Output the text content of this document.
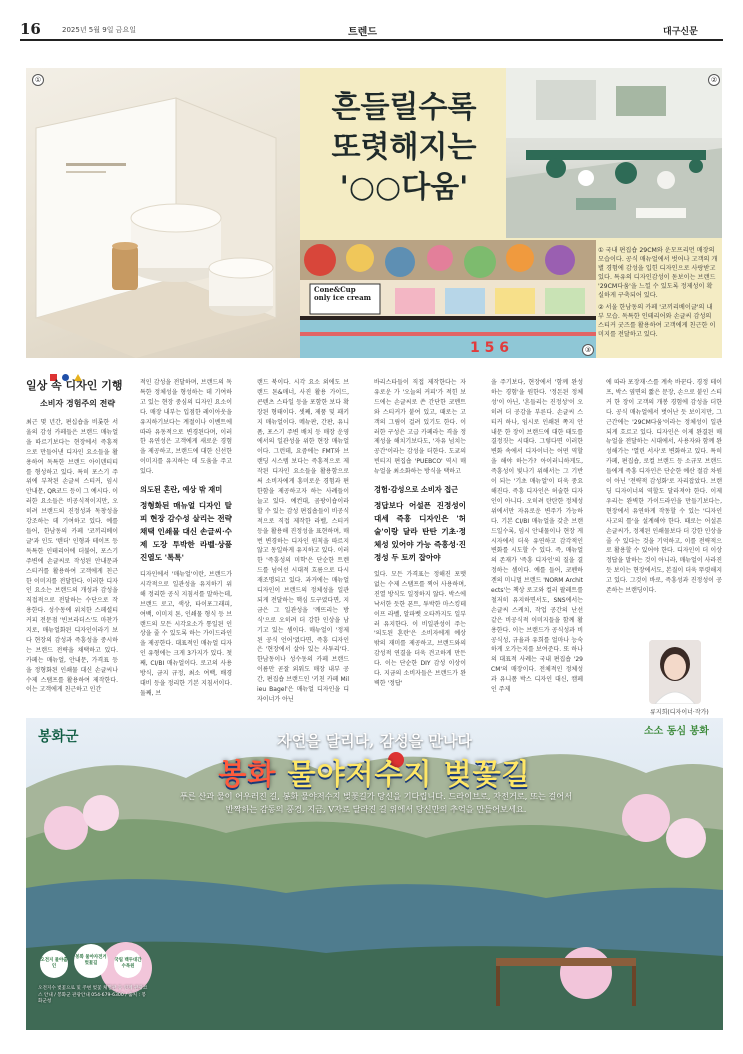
16	2025년 5월 9일 금요일	트렌드	대구신문
①
흔들릴수록
또렷해지는
'○○다움'
②
1 5 6
Cone&Cup only ice cream
③

① 국내 편집숍 29CM와 운모프리먼 매장의 모습이다. 공식 매뉴얼에서 벗어나 고객의 개별 경험에 감성을 입힌 디자인으로 사랑받고 있다. 특유의 디자인감성이 돋보이는 브랜드 '29CM다움'을 느낄 수 있도록 정제성이 확실하게 구축되어 있다.

② 서울 한남동의 카페 '코끼리베이글'의 내부 모습. 독특한 인테리어와 손글씨 감성의 스티커 굿즈를 활용하여 고객에게 친근한 이미지를 전달하고 있다.

일상 속 디자인 기행
소비자 경험주의 전략

최근 몇 년간, 편십숍을 비롯한 서울의 감성 카페들은 브랜드 매뉴얼을 따르기보다는 현장에서 즉흥적으로 만들어낸 디자인 요소들을 활용하여 독특한 브랜드 아이덴티티를 형성하고 있다. 특히 포스기 주위에 부착된 손글씨 스티커, 임시 안내문, QR코드 등이 그 예시다. 이러한 요소들은 비공식적이지만, 오히려 브랜드의 진정성과 독창성을 강조하는 데 기여하고 있다. 예를 들어, 한남동의 카페 '코끼리베이글'과 인도 '텐더' 인형과 테이프 등 독특한 인테리어에 더불어, 포스기 주변에 손글씨로 작성된 안내문과 스티커를 활용하여 고객에게 친근한 이미지를 전달한다. 이러한 디자인 요소는 브랜드의 개성과 감성을 직접적으로 전달하는 수단으로 작용한다. 성수동에 위치한 스페셜티 커피 전문점 '빈브라더스'도 마찬가지로, 매뉴얼화된 디자인이라기 보다 현장의 감성과 즉흥성을 중시하는 브랜드 전략을 채택하고 있다. 카페는 매뉴얼, 안내문, 가격표 등을 정형화된 인쇄물 대신 손글씨나 수제 스탬프를 활용하여 제작한다. 이는 고객에게 친근하고 인간

적인 감성을 전달하며, 브랜드의 독특한 정체성을 형성하는 데 기여하고 있는 현장 중심의 디자인 요소이다. 매장 내부는 입점한 레이아웃을 유지하기보다는 계절이나 이벤트에 따라 유동적으로 변경된다며, 이러한 유연성은 고객에게 새로운 경험을 제공하고, 브랜드에 대한 신선한 이미지를 유지하는 데 도움을 주고 있다.

의도된 혼란, 예상 밖 재미

정형화된 매뉴얼 디자인 탈피 현장 감수성 살리는 전략 채택 인쇄물 대신 손글씨·수제 도장 투박한 라벨·상품 진열도 '톡톡'

디자인에서 '매뉴얼'이란, 브랜드가 시각적으로 일관성을 유지하기 위해 정리한 공식 지침서를 말하는데, 브랜드 로고, 색상, 타이포그래피, 여백, 이미지 톤, 인쇄물 형식 등 브랜드의 모든 시각요소가 통일된 인상을 줄 수 있도록 하는 가이드라인을 제공한다. 대표적인 매뉴얼 디자인 유형에는 크게 3가지가 있다. 첫째, CI/BI 매뉴얼이다. 로고의 사용 방식, 금지 규정, 최소 여백, 배경 대비 등을 정리한 기본 지침서이다. 둘째, 브

랜드 북이다. 시각 요소 외에도 브랜드 톤&매너, 사진 활용 가이드, 콘텐츠 스타일 등을 포함한 보다 확장된 형태이다. 셋째, 제품 및 패키지 매뉴얼이다. 메뉴판, 간판, 유니폼, 포스기 주변 배치 등 매장 운영에서의 일관성을 위한 현장 매뉴얼이다. 그런데, 요즘에는 FMT와 브랜딩 시스템 보다는 즉흥적으로 제작된 디자인 요소들을 활용함으로써 소비자에게 흥미로운 경험과 편한함을 제공하고자 하는 사례들이 늘고 있다. 예컨대, 곰팡이숍이라 할 수 있는 감성 편집숍들이 비공식적으로 직접 제작한 라벨, 스티커 등을 활용해 진정성을 표현하며, 매번 변경하는 디자인 원칙을 따르지 않고 동일하게 유지하고 있다. 이러한 '즉흥성의 미학'은 단순한 트렌드를 넘어선 시대적 흐름으로 다시 재조명되고 있다. 과거에는 매뉴얼 디자인이 브랜드의 정체성을 일관되게 전달하는 핵심 도구였다면, 지금은 그 일관성을 '깨뜨리는 방식'으로 오히려 더 강한 인상을 남기고 있는 셈이다. 매뉴얼이 '정제된 공식 언어'였다면, 즉흥 디자인은 '현장에서 살아 있는 사투리'다. 한남동이나 성수동의 카페 브랜드 이름만 곧잘 외워도 매장 내부 공간, 편집숍 브랜드인 '키친 카페 Milieu Bagel'은 매뉴얼 디자인을 디자이너가 아닌

바리스타들이 직접 제작한다는 자유로운 가 '오늘의 커피'가 적힌 보드에는 손글씨로 쓴 간단한 코멘트와 스티커가 붙여 있고, 때로는 고객의 그림이 걸려 있기도 한다. 이러한 구성은 고급 카페라는 격을 정제성을 해치기보다도, '자유 넘치는 공간'이라는 감성을 더한다. 도쿄의 빈티지 편집숍 'PUEBCO' 역시 매뉴얼을 최소화하는 방식을 택하고

경험·감성으로 소비자 접근

정답보다 어설픈 진정성이 대세 즉흥 디자인은 '허술'이랑 달라 탄탄 기초·정체성 있어야 가능 즉흥성·진정성 두 토끼 잡아야

있다. 모든 가격표는 정해진 포맷 없는 수제 스탬프를 찍어 사용하며, 진열 방식도 일정하지 않다. 박스에 낙서한 듯한 폰트, 투박한 마스킹테이프 라벨, 알파벳 오타까지도 일부러 유지한다. 이 비일관성이 주는 '의도된 혼란'은 소비자에게 예상 밖의 재미를 제공하고, 브랜드와의 감성적 연결을 더욱 견고하게 만든다. 이는 단순한 DIY 감성 이상이다. 지금의 소비자들은 브랜드가 완벽한 '정답'

을 주기보다, 현장에서 '함께 완성하는 경험'을 원한다. '정돈된 정체성'이 아닌, '흔들리는 진정성'이 오히려 더 공감을 부른다. 손글씨 스티커 하나, 임시로 인쇄된 쪽지 안내문 한 장이 브랜드에 대한 태도를 결정짓는 시대다. 그렇다면 이러한 변화 속에서 디자이너는 어떤 역할을 해야 하는가? 아이러니하게도, 즉흥성이 빛나기 위해서는 그 기반이 되는 '기초 매뉴얼'이 더욱 중요해진다. 즉흥 디자인은 허술한 디자인이 아니다. 오히려 탄탄한 정체성 위에서만 자유로운 변주가 가능하다. 기본 CI/BI 매뉴얼을 갖춘 브랜드일수록, 임시 안내물이나 현장 게시자에서 더욱 유연하고 감각적인 변화를 시도할 수 있다. 즉, 매뉴얼의 존재가 '즉흥 디자인'의 질을 결정하는 셈이다. 예를 들어, 코펜하겐의 미니멀 브랜드 'NORM Architects'는 책상 로고와 컬러 팔레트를 철저히 유지하면서도, SNS에서는 손글씨 스케치, 작업 공간의 난선 같은 비공식적 이미지들을 함께 활용한다. 이는 브랜드가 공식성과 비공식성, 규율과 유희를 얼마나 능숙하게 오가는지를 보여준다. 또 하나의 대표적 사례는 국내 편집숍 '29CM'의 매장이다. 전체적인 정체성과 유니폼 박스 디자인 대신, 캠페인 주제

에 따라 포장재·스를 계속 바꾼다. 경정 테이프, 박스 옆면의 짧은 문장, 손으로 붙인 스티커 한 장이 고객의 개봉 경험에 감성을 더한다. 공식 매뉴얼에서 벗어난 듯 보이지만, 그 근간에는 '29CM다움'이라는 정체성이 일관되게 흐르고 있다. 디자인은 이제 완결된 매뉴얼을 전달하는 시대에서, 사용자와 함께 완성해가는 '열린 서사'로 변화하고 있다. 특히 카페, 편집숍, 로컬 브랜드 등 소규모 브랜드들에게 즉흥 디자인은 단순한 예산 절감 차원이 아닌 '전략적 감성화'로 자리잡았다. 브랜딩 디자이너의 역할도 달라져야 한다. 이제 우리는 완벽한 가이드라인을 만들기보다는, 현장에서 유연하게 작동할 수 있는 '디자인 사고의 틀'을 설계해야 한다. 때로는 어설픈 손글씨가, 정제된 인쇄물보다 더 강한 인상을 줄 수 있다는 것을 기억하고, 이를 전략적으로 활용할 수 있어야 한다. 디자인이 더 이상 정답을 말하는 것이 아니라, 매뉴얼이 사라진 듯 보이는 현장에서도, 본질이 더욱 뚜렷해지고 있다. 그것이 바로, 즉흥성과 진정성이 공존하는 브랜딩이다.

류지희(디자이너·작가)
봉화군	소소 동심 봉화
자연을 달리다, 감성을 만나다
봉화 물야저수지 벚꽃길
푸른 산과 물이 어우러진 길, 봉화 물야저수지 벚꽃길가 당신을 기다립니다. 드라이브로, 자전거로, 또는 걸어서 반짝하는 감동의 풍경, 지금, V자로 달라진 길 위에서 당신만의 추억을 만들어보세요.
오전지 물야출인
봉화 물야자전거 벚꽃길
국립 백두대간 수목원
오전지수 벚꽃으로 및 주변 벚꽃 체험관 등 연계 관광코스 안내 / 봉화군 관광안내 054-679-6300 / 출처 : 봉화군청
